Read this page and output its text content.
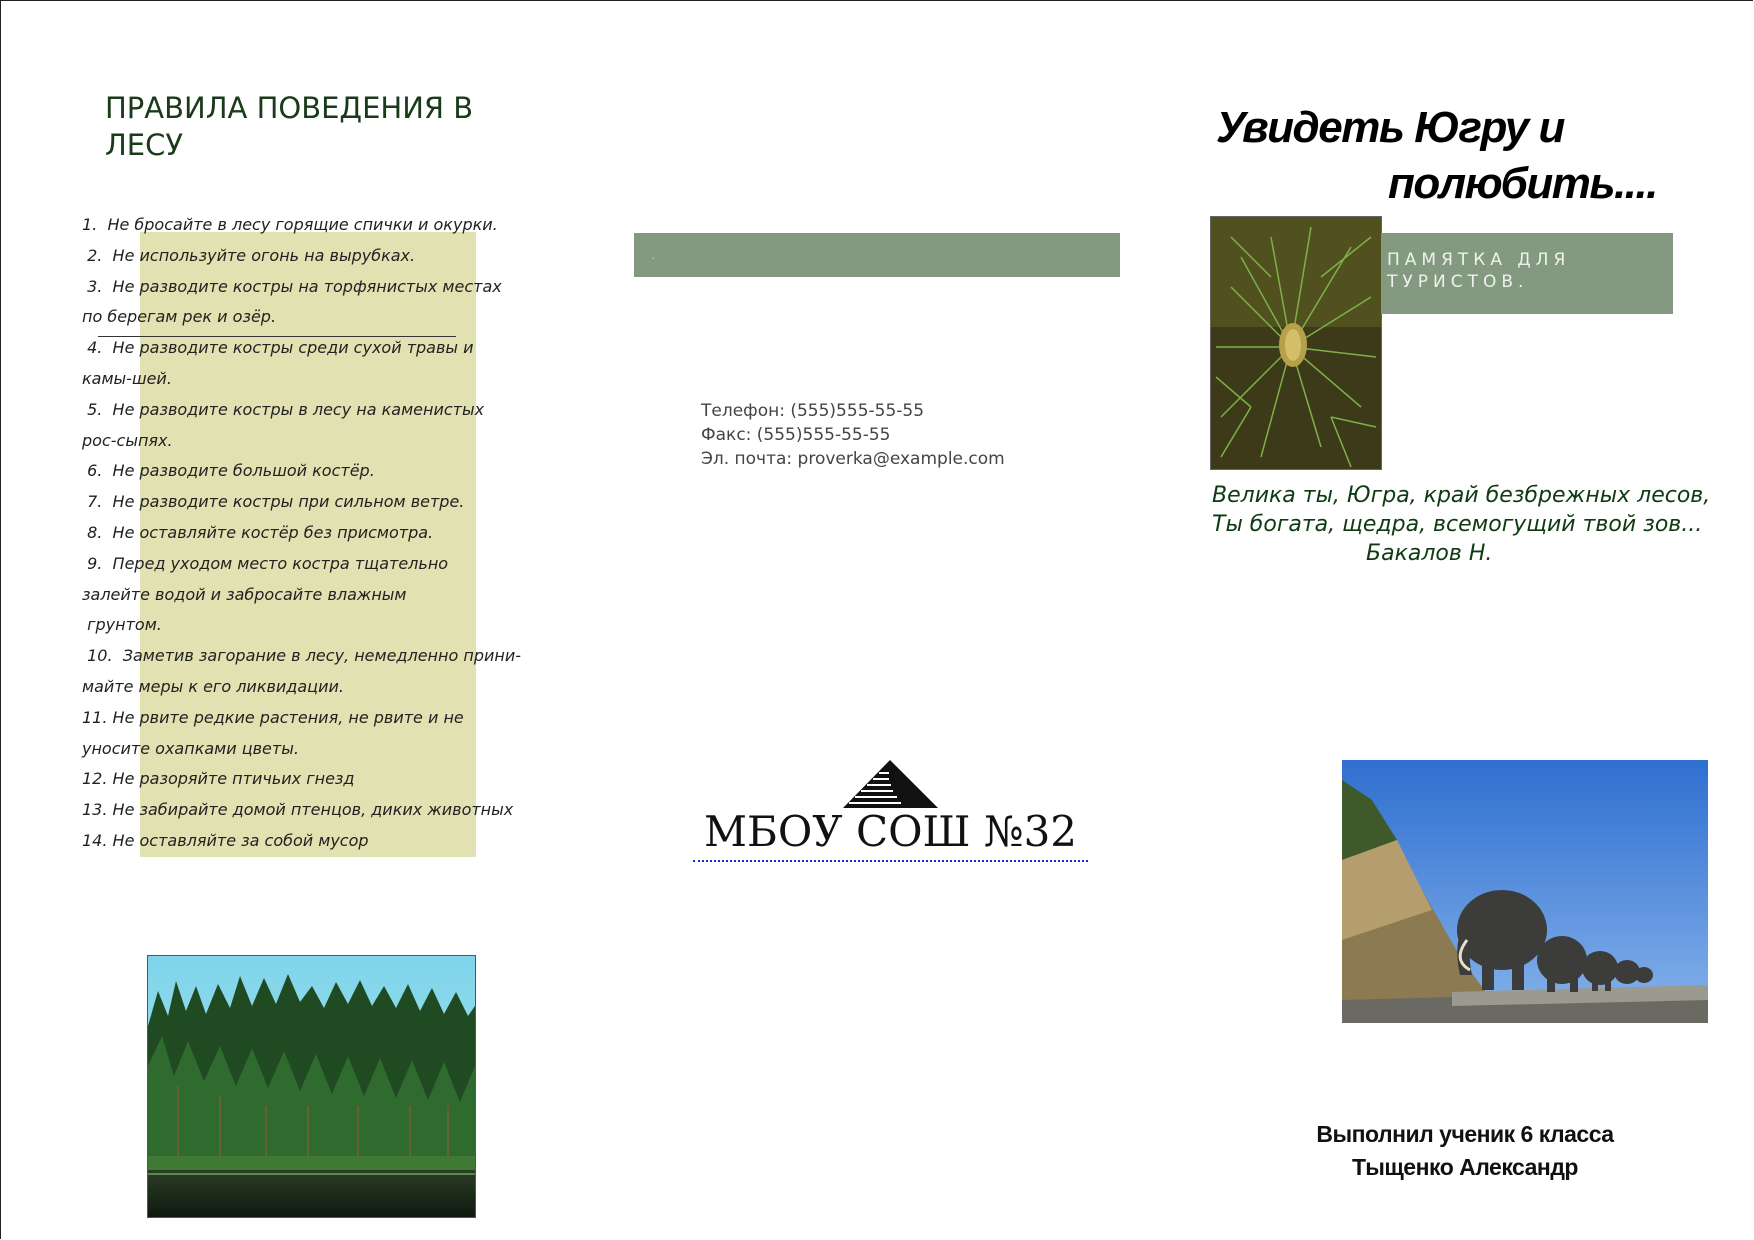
ПРАВИЛА ПОВЕДЕНИЯ В ЛЕСУ
1.  Не бросайте в лесу горящие спички и окурки.
2.  Не используйте огонь на вырубках.
3.  Не разводите костры на торфянистых местах по берегам рек и озёр.
4.  Не разводите костры среди сухой травы и камы-шей.
5.  Не разводите костры в лесу на каменистых рос-сыпях.
6.  Не разводите большой костёр.
7.  Не разводите костры при сильном ветре.
8.  Не оставляйте костёр без присмотра.
9.  Перед уходом место костра тщательно залейте водой и забросайте влажным
грунтом.
10.  Заметив загорание в лесу, немедленно прини-майте меры к его ликвидации.
11. Не рвите редкие растения, не рвите и не уносите охапками цветы.
12. Не разоряйте птичьих гнезд
13. Не забирайте домой птенцов, диких животных
14. Не оставляйте за собой мусор
.
Телефон: (555)555-55-55
Факс: (555)555-55-55
Эл. почта: proverka@example.com
МБОУ СОШ №32
Увидеть Югру и
полюбить....
ПАМЯТКА ДЛЯ ТУРИСТОВ.
Велика ты, Югра, край безбрежных лесов,
Ты богата, щедра, всемогущий твой зов...
Бакалов Н.
Выполнил ученик 6 класса
Тыщенко Александр
